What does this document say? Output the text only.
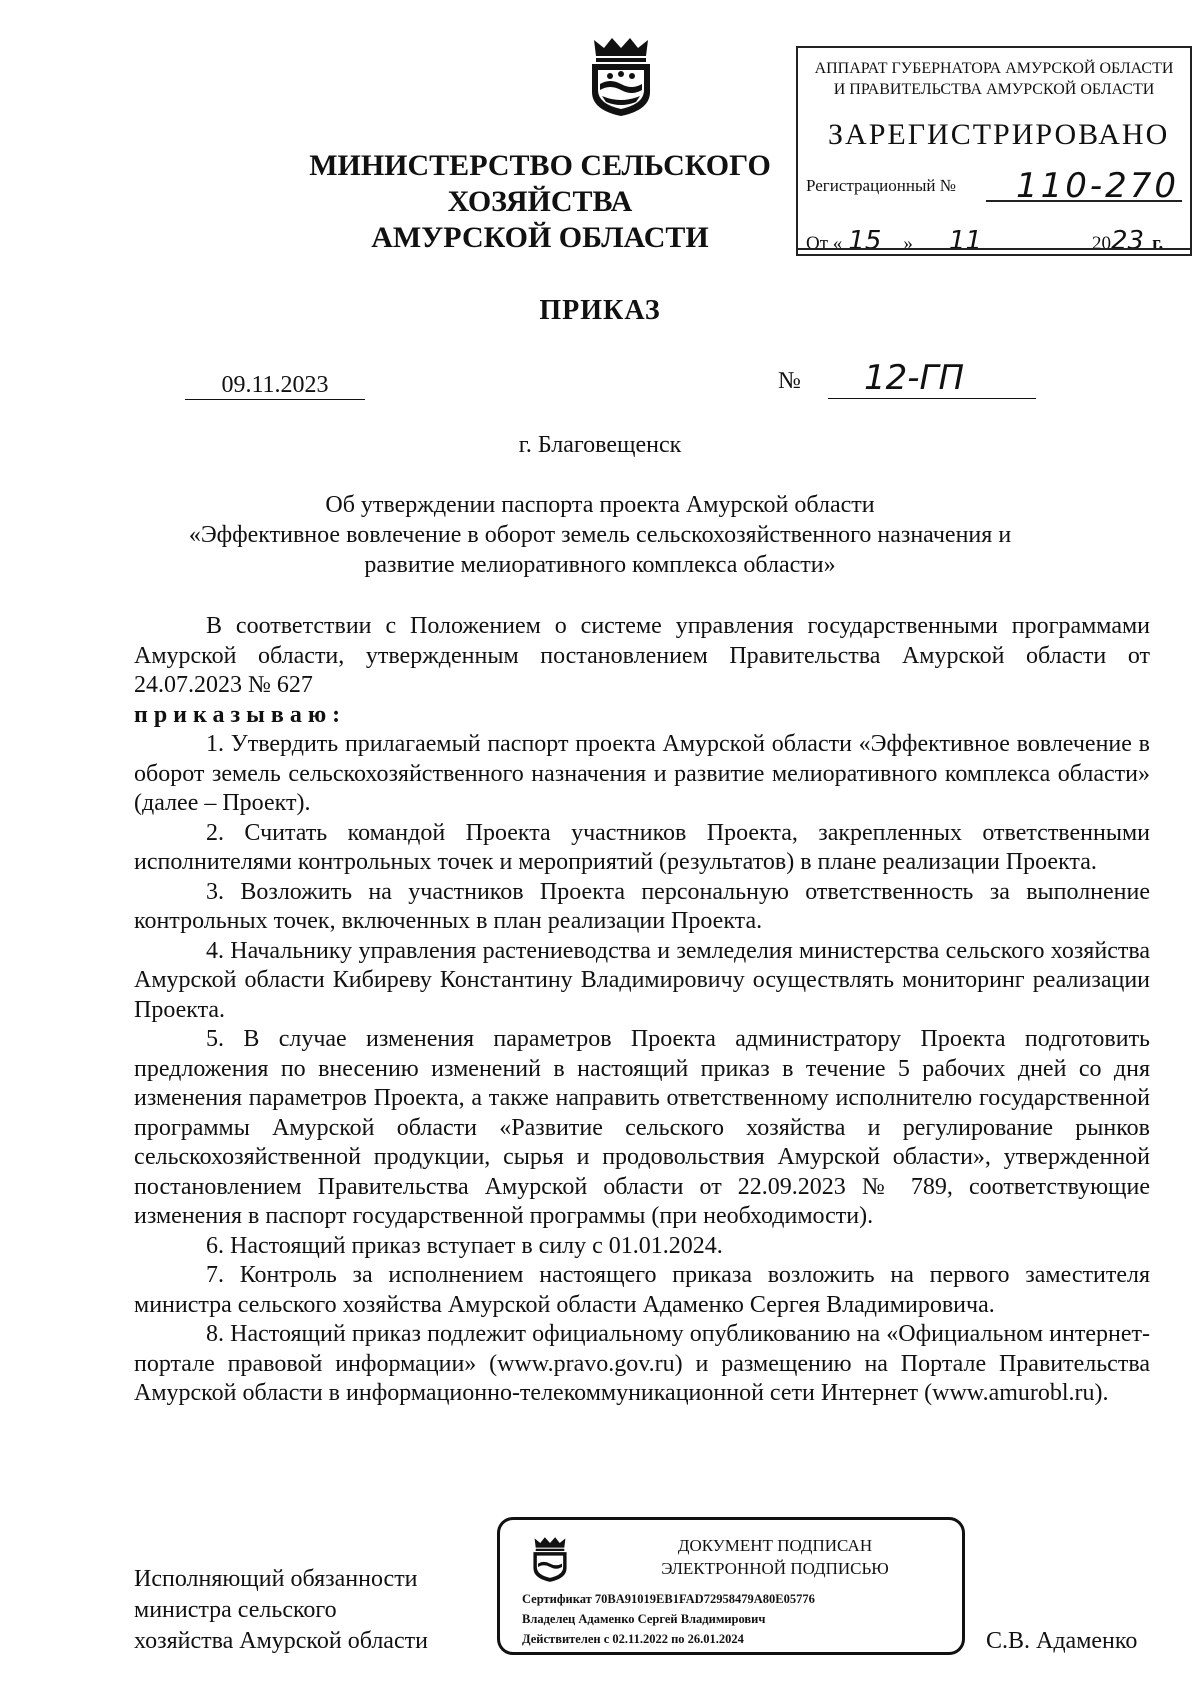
МИНИСТЕРСТВО СЕЛЬСКОГО ХОЗЯЙСТВА
АМУРСКОЙ ОБЛАСТИ
АППАРАТ ГУБЕРНАТОРА АМУРСКОЙ ОБЛАСТИ
И ПРАВИТЕЛЬСТВА АМУРСКОЙ ОБЛАСТИ
ЗАРЕГИСТРИРОВАНО
Регистрационный № 110-270
От « 15 » 11	2023 г.
ПРИКАЗ
09.11.2023	№	12-ГП
г. Благовещенск
Об утверждении паспорта проекта Амурской области
«Эффективное вовлечение в оборот земель сельскохозяйственного назначения и
развитие мелиоративного комплекса области»

В соответствии с Положением о системе управления государственными программами Амурской области, утвержденным постановлением Правительства Амурской области от 24.07.2023 № 627

приказываю:

1. Утвердить прилагаемый паспорт проекта Амурской области «Эффективное вовлечение в оборот земель сельскохозяйственного назначения и развитие мелиоративного комплекса области» (далее – Проект).

2. Считать командой Проекта участников Проекта, закрепленных ответственными исполнителями контрольных точек и мероприятий (результатов) в плане реализации Проекта.

3. Возложить на участников Проекта персональную ответственность за выполнение контрольных точек, включенных в план реализации Проекта.

4. Начальнику управления растениеводства и земледелия министерства сельского хозяйства Амурской области Кибиреву Константину Владимировичу осуществлять мониторинг реализации Проекта.

5. В случае изменения параметров Проекта администратору Проекта подготовить предложения по внесению изменений в настоящий приказ в течение 5 рабочих дней со дня изменения параметров Проекта, а также направить ответственному исполнителю государственной программы Амурской области «Развитие сельского хозяйства и регулирование рынков сельскохозяйственной продукции, сырья и продовольствия Амурской области», утвержденной постановлением Правительства Амурской области от 22.09.2023 № 789, соответствующие изменения в паспорт государственной программы (при необходимости).

6. Настоящий приказ вступает в силу с 01.01.2024.

7. Контроль за исполнением настоящего приказа возложить на первого заместителя министра сельского хозяйства Амурской области Адаменко Сергея Владимировича.

8. Настоящий приказ подлежит официальному опубликованию на «Официальном интернет-портале правовой информации» (www.pravo.gov.ru) и размещению на Портале Правительства Амурской области в информационно-телекоммуникационной сети Интернет (www.amurobl.ru).

Исполняющий обязанности
министра сельского
хозяйства Амурской области
ДОКУМЕНТ ПОДПИСАН
ЭЛЕКТРОННОЙ ПОДПИСЬЮ
Сертификат 70BA91019EB1FAD72958479A80E05776
Владелец Адаменко Сергей Владимирович
Действителен с 02.11.2022 по 26.01.2024	С.В. Адаменко
